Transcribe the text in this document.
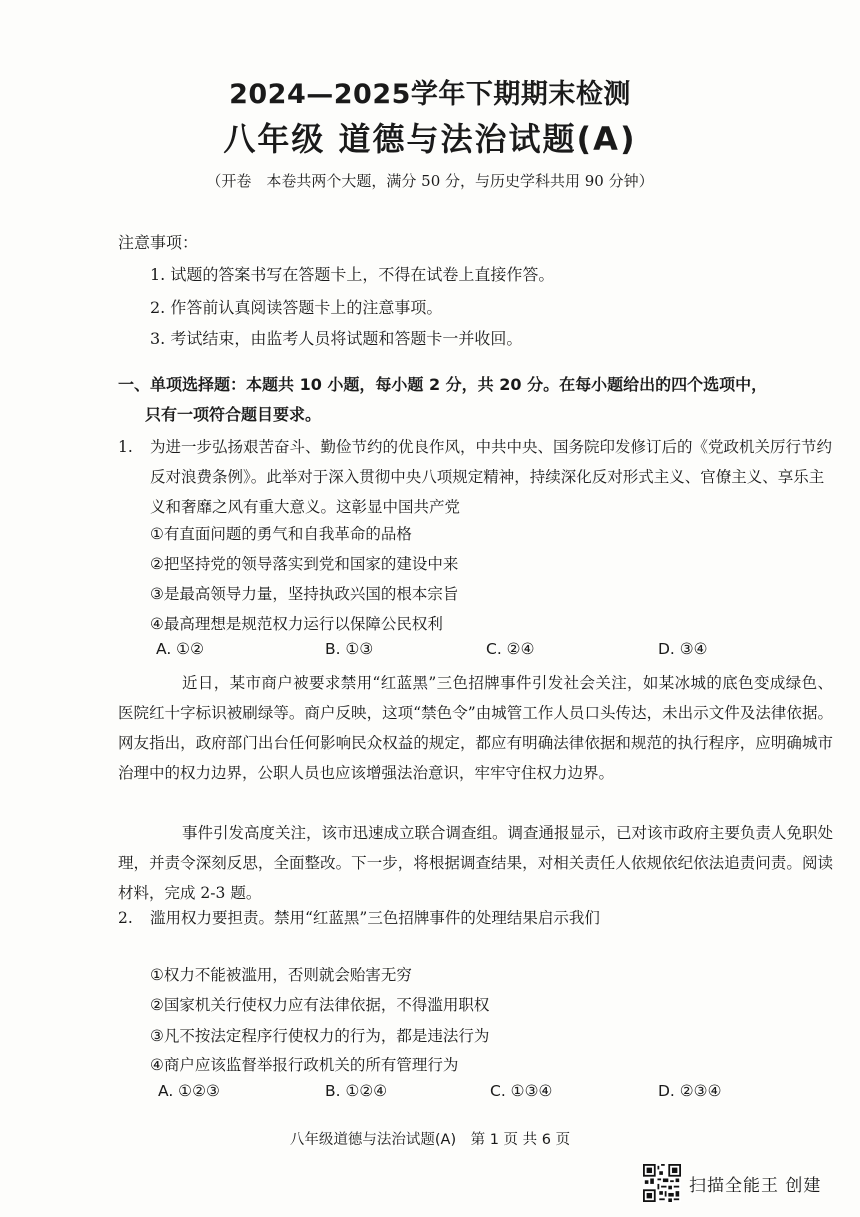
2024—2025学年下期期末检测
八年级 道德与法治试题(A)
（开卷　本卷共两个大题，满分 50 分，与历史学科共用 90 分钟）
注意事项：
1. 试题的答案书写在答题卡上，不得在试卷上直接作答。
2. 作答前认真阅读答题卡上的注意事项。
3. 考试结束，由监考人员将试题和答题卡一并收回。
一、单项选择题：本题共 10 小题，每小题 2 分，共 20 分。在每小题给出的四个选项中，
只有一项符合题目要求。
1.	为进一步弘扬艰苦奋斗、勤俭节约的优良作风，中共中央、国务院印发修订后的《党政机关厉行节约反对浪费条例》。此举对于深入贯彻中央八项规定精神，持续深化反对形式主义、官僚主义、享乐主义和奢靡之风有重大意义。这彰显中国共产党
①有直面问题的勇气和自我革命的品格
②把坚持党的领导落实到党和国家的建设中来
③是最高领导力量，坚持执政兴国的根本宗旨
④最高理想是规范权力运行以保障公民权利
A. ①②	B. ①③	C. ②④	D. ③④
近日，某市商户被要求禁用“红蓝黑”三色招牌事件引发社会关注，如某冰城的底色变成绿色、医院红十字标识被刷绿等。商户反映，这项“禁色令”由城管工作人员口头传达，未出示文件及法律依据。网友指出，政府部门出台任何影响民众权益的规定，都应有明确法律依据和规范的执行程序，应明确城市治理中的权力边界，公职人员也应该增强法治意识，牢牢守住权力边界。
事件引发高度关注，该市迅速成立联合调查组。调查通报显示，已对该市政府主要负责人免职处理，并责令深刻反思，全面整改。下一步，将根据调查结果，对相关责任人依规依纪依法追责问责。阅读材料，完成 2-3 题。
2.	滥用权力要担责。禁用“红蓝黑”三色招牌事件的处理结果启示我们
①权力不能被滥用，否则就会贻害无穷
②国家机关行使权力应有法律依据，不得滥用职权
③凡不按法定程序行使权力的行为，都是违法行为
④商户应该监督举报行政机关的所有管理行为
A. ①②③	B. ①②④	C. ①③④	D. ②③④
八年级道德与法治试题(A)　第 1 页 共 6 页
扫描全能王 创建
